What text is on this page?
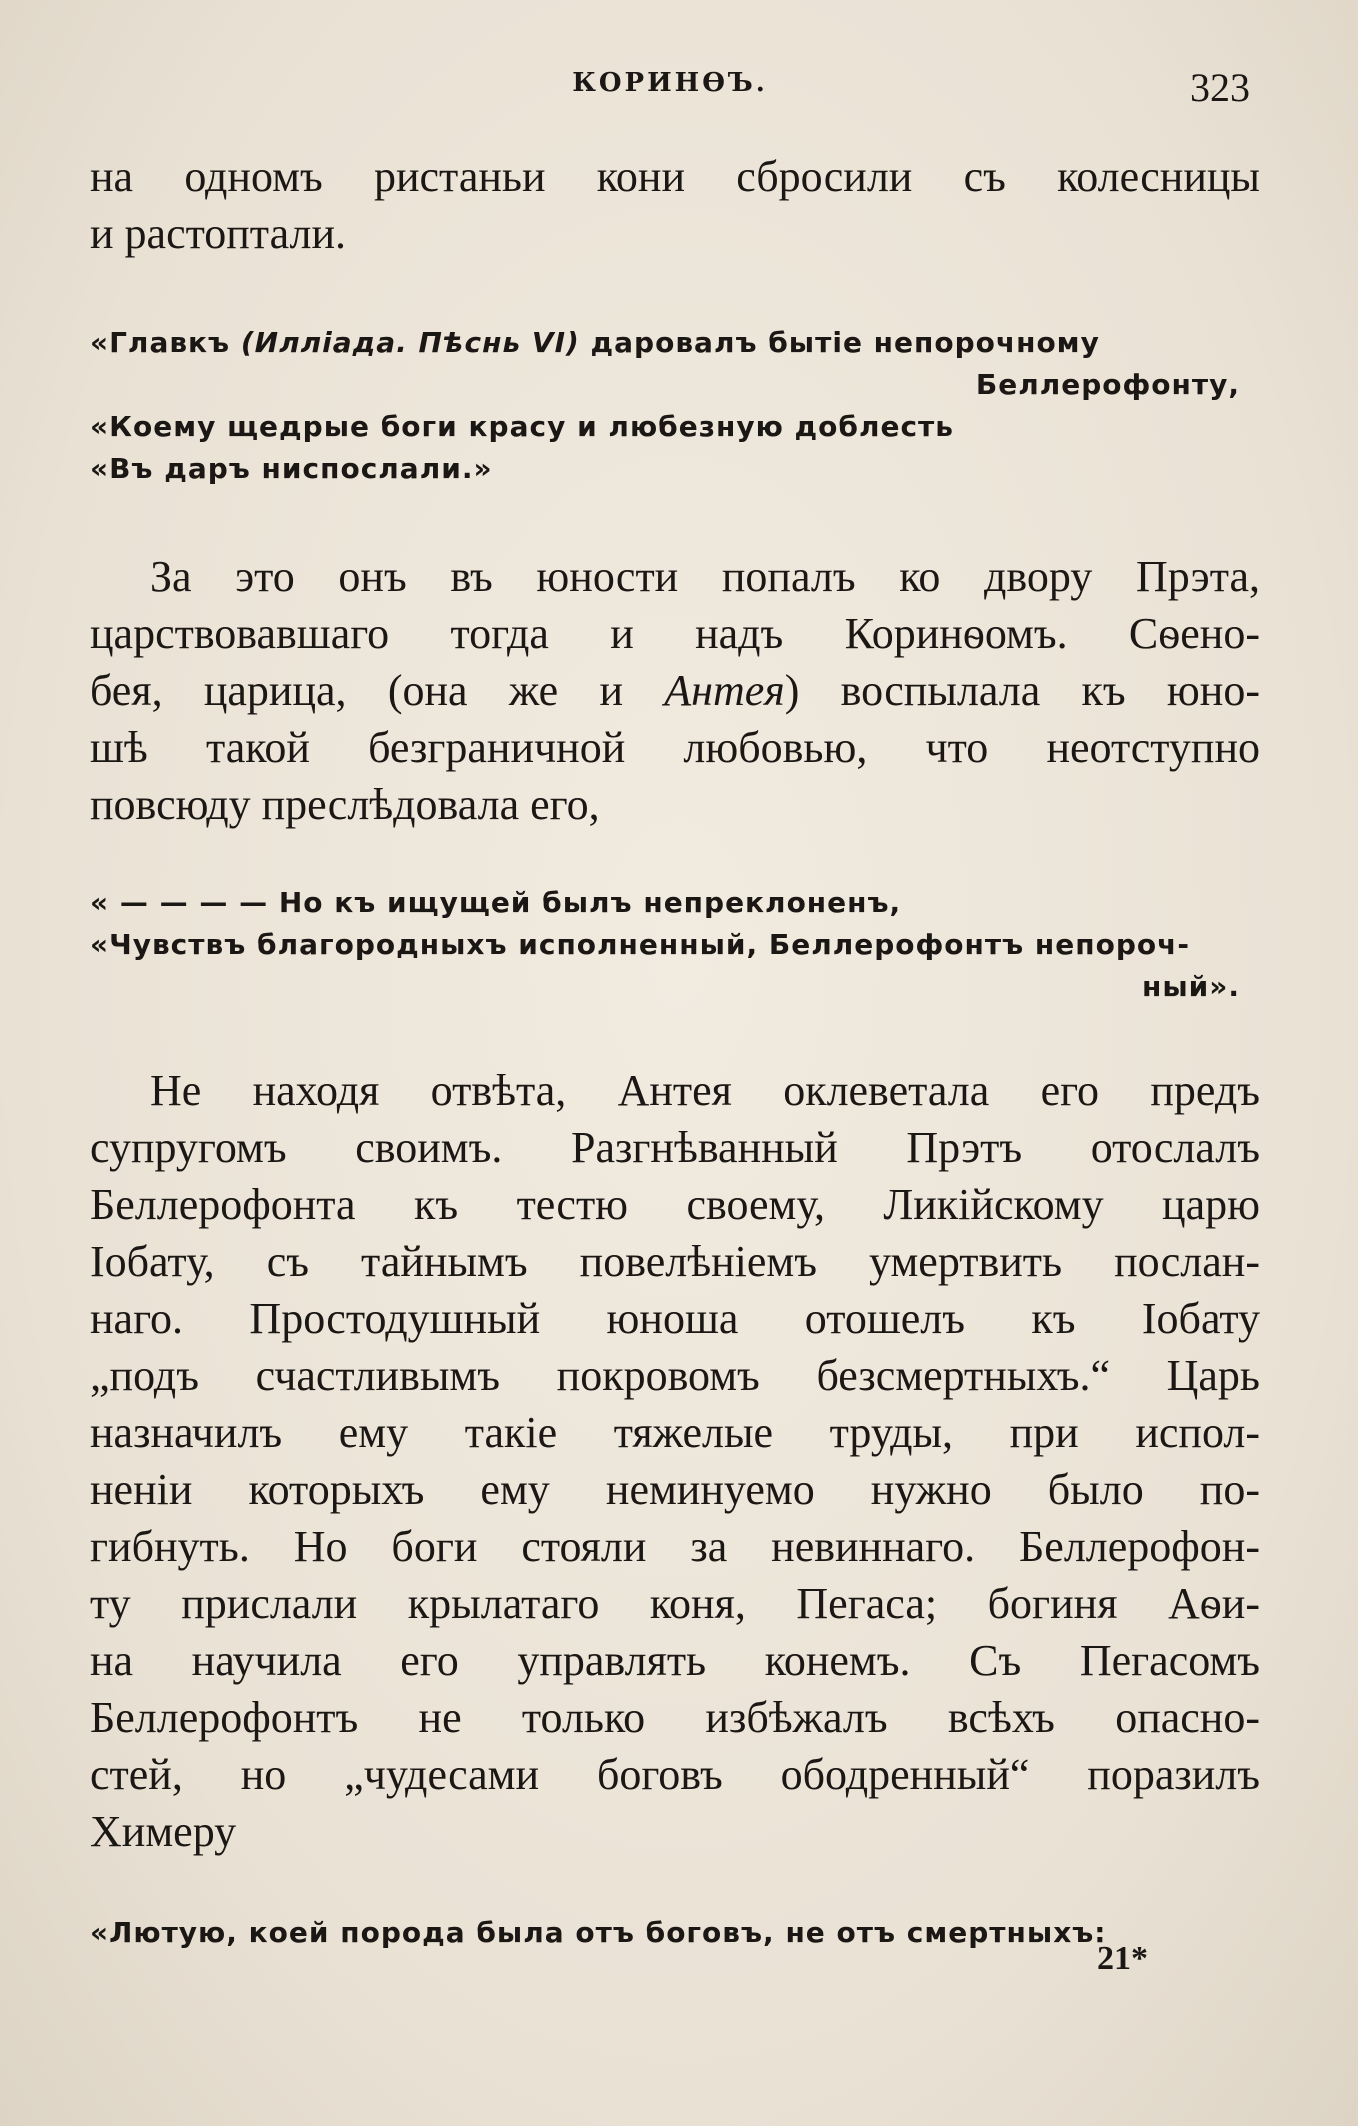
КОРИНѲЪ.	323
на одномъ ристаньи кони сбросили съ колесницы
и растоптали.
«Главкъ (Иллiада. Пѣснь VI) даровалъ бытiе непорочному
Беллерофонту,
«Коему щедрые боги красу и любезную доблесть
«Въ даръ ниспослали.»
За это онъ въ юности попалъ ко двору Прэта,
царствовавшаго тогда и надъ Коринѳомъ. Сѳено-
бея, царица, (она же и Антея) воспылала къ юно-
шѣ такой безграничной любовью, что неотступно
повсюду преслѣдовала его,
« — — — — Но къ ищущей былъ непреклоненъ,
«Чувствъ благородныхъ исполненный, Беллерофонтъ непороч-
ный».
Не находя отвѣта, Антея оклеветала его предъ
супругомъ своимъ. Разгнѣванный Прэтъ отослалъ
Беллерофонта къ тестю своему, Ликiйскому царю
Iобату, съ тайнымъ повелѣнiемъ умертвить послан-
наго. Простодушный юноша отошелъ къ Iобату
„подъ счастливымъ покровомъ безсмертныхъ.“ Царь
назначилъ ему такiе тяжелые труды, при испол-
ненiи которыхъ ему неминуемо нужно было по-
гибнуть. Но боги стояли за невиннаго. Беллерофон-
ту прислали крылатаго коня, Пегаса; богиня Аѳи-
на научила его управлять конемъ. Съ Пегасомъ
Беллерофонтъ не только избѣжалъ всѣхъ опасно-
стей, но „чудесами боговъ ободренный“ поразилъ
Химеру
«Лютую, коей порода была отъ боговъ, не отъ смертныхъ:
21*
